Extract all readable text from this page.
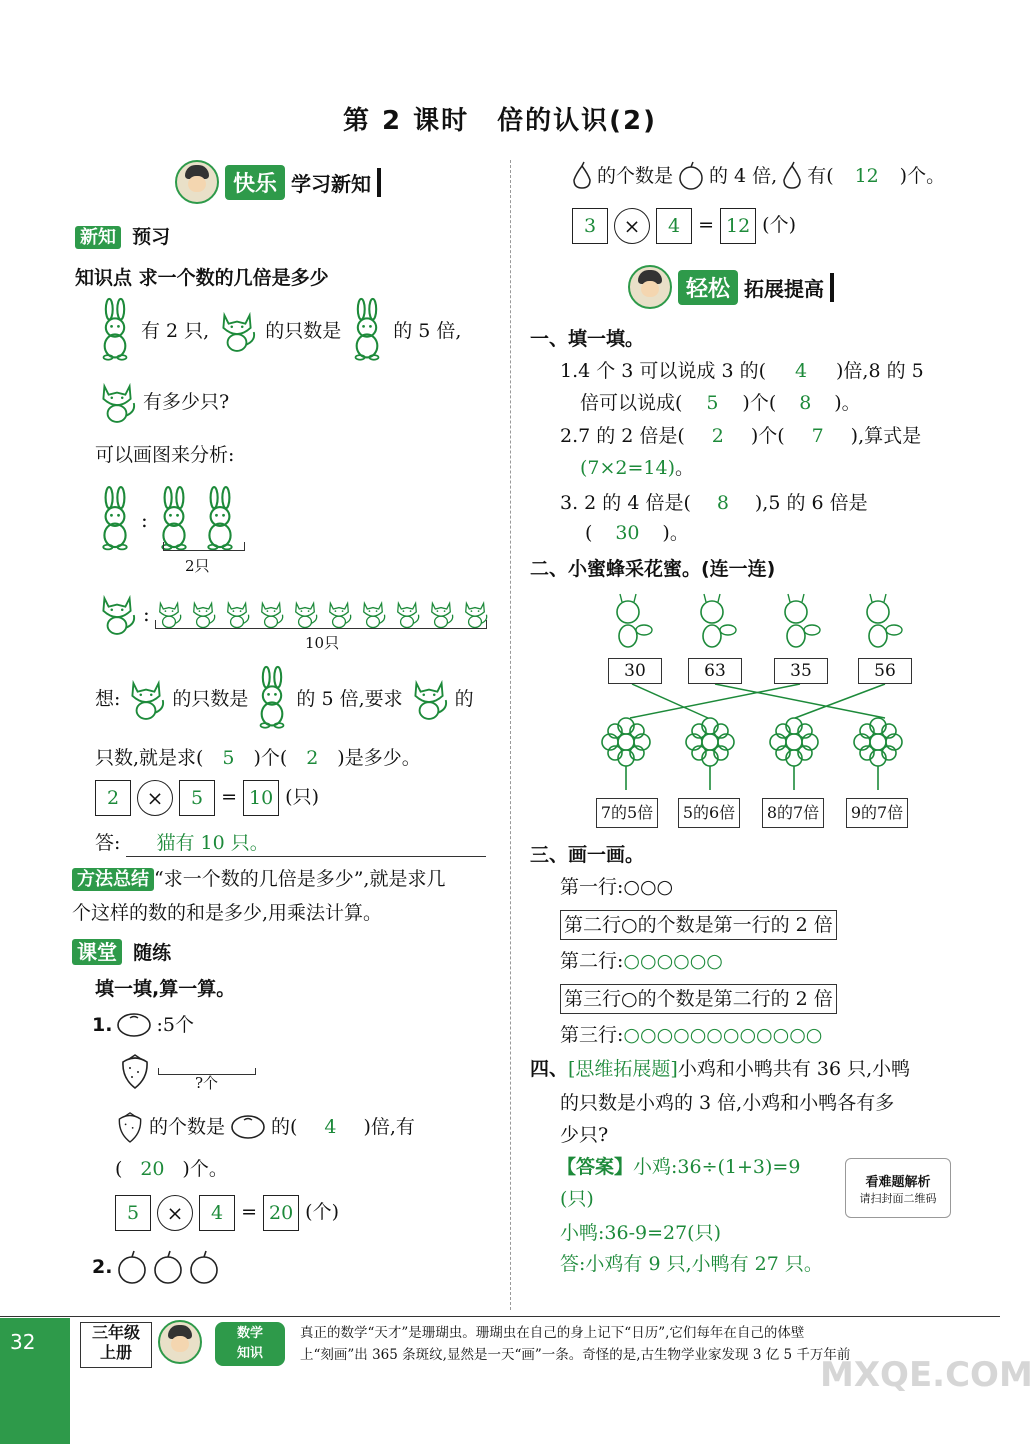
第 2 课时　倍的认识(2)
快乐 学习新知
新知 预习
知识点 求一个数的几倍是多少
有 2 只,	的只数是	的 5 倍,
有多少只?
可以画图来分析:
:
2只
:
10只
想:	的只数是	的 5 倍,要求	的
只数,就是求( 5 )个( 2 )是多少。
2 × 5 = 10 (只)
答: 猫有 10 只。
方法总结 “求一个数的几倍是多少”,就是求几
个这样的数的和是多少,用乘法计算。
课堂 随练
填一填,算一算。
1. :5个
?个
的个数是 的(	4	)倍,有
( 20 )个。
5 × 4 = 20 (个)
2.
的个数是 的 4 倍, 有(	12	)个。
3 × 4 = 12 (个)
轻松 拓展提高
一、填一填。
1.4 个 3 可以说成 3 的( 4 )倍,8 的 5
倍可以说成( 5 )个( 8 )。
2.7 的 2 倍是( 2 )个( 7 ),算式是
(7×2=14)。
3. 2 的 4 倍是( 8 ),5 的 6 倍是
( 30 )。
二、小蜜蜂采花蜜。(连一连)
30	63	35	56
7的5倍	5的6倍	8的7倍	9的7倍
三、画一画。
第一行:○○○
第二行○的个数是第一行的 2 倍
第二行:○○○○○○
第三行○的个数是第二行的 2 倍
第三行:○○○○○○○○○○○○
四、[思维拓展题]小鸡和小鸭共有 36 只,小鸭
的只数是小鸡的 3 倍,小鸡和小鸭各有多
少只?
【答案】小鸡:36÷(1+3)=9
(只)
小鸭:36-9=27(只)
答:小鸡有 9 只,小鸭有 27 只。
看难题解析
请扫封面二维码
32	三年级
上册
数学
知识
真正的数学“天才”是珊瑚虫。珊瑚虫在自己的身上记下“日历”,它们每年在自己的体壁
上“刻画”出 365 条斑纹,显然是一天“画”一条。奇怪的是,古生物学业家发现 3 亿 5 千万年前
MXQE.COM
